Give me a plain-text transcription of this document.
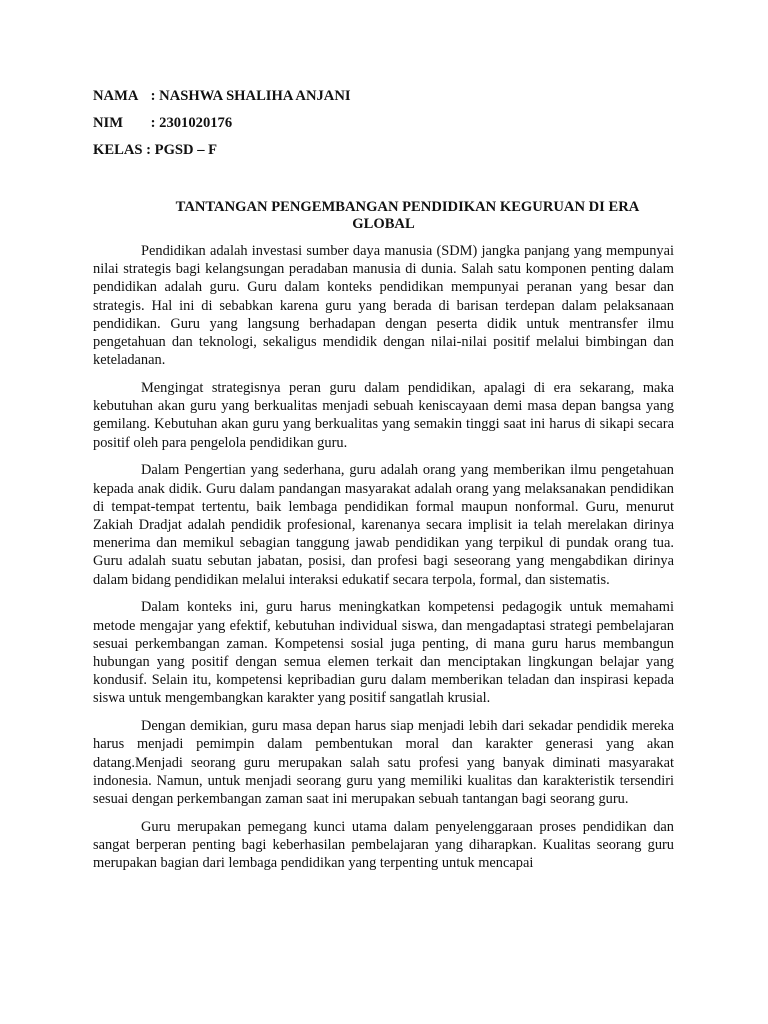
NAMA : NASHWA SHALIHA ANJANI
NIM : 2301020176
KELAS : PGSD – F
TANTANGAN PENGEMBANGAN PENDIDIKAN KEGURUAN DI ERA
GLOBAL

Pendidikan adalah investasi sumber daya manusia (SDM) jangka panjang yang mempunyai nilai strategis bagi kelangsungan peradaban manusia di dunia. Salah satu komponen penting dalam pendidikan adalah guru. Guru dalam konteks pendidikan mempunyai peranan yang besar dan strategis. Hal ini di sebabkan karena guru yang berada di barisan terdepan dalam pelaksanaan pendidikan. Guru yang langsung berhadapan dengan peserta didik untuk mentransfer ilmu pengetahuan dan teknologi, sekaligus mendidik dengan nilai-nilai positif melalui bimbingan dan keteladanan.

Mengingat strategisnya peran guru dalam pendidikan, apalagi di era sekarang, maka kebutuhan akan guru yang berkualitas menjadi sebuah keniscayaan demi masa depan bangsa yang gemilang. Kebutuhan akan guru yang berkualitas yang semakin tinggi saat ini harus di sikapi secara positif oleh para pengelola pendidikan guru.

Dalam Pengertian yang sederhana, guru adalah orang yang memberikan ilmu pengetahuan kepada anak didik. Guru dalam pandangan masyarakat adalah orang yang melaksanakan pendidikan di tempat-tempat tertentu, baik lembaga pendidikan formal maupun nonformal. Guru, menurut Zakiah Dradjat adalah pendidik profesional, karenanya secara implisit ia telah merelakan dirinya menerima dan memikul sebagian tanggung jawab pendidikan yang terpikul di pundak orang tua. Guru adalah suatu sebutan jabatan, posisi, dan profesi bagi seseorang yang mengabdikan dirinya dalam bidang pendidikan melalui interaksi edukatif secara terpola, formal, dan sistematis.

Dalam konteks ini, guru harus meningkatkan kompetensi pedagogik untuk memahami metode mengajar yang efektif, kebutuhan individual siswa, dan mengadaptasi strategi pembelajaran sesuai perkembangan zaman. Kompetensi sosial juga penting, di mana guru harus membangun hubungan yang positif dengan semua elemen terkait dan menciptakan lingkungan belajar yang kondusif. Selain itu, kompetensi kepribadian guru dalam memberikan teladan dan inspirasi kepada siswa untuk mengembangkan karakter yang positif sangatlah krusial.

Dengan demikian, guru masa depan harus siap menjadi lebih dari sekadar pendidik mereka harus menjadi pemimpin dalam pembentukan moral dan karakter generasi yang akan datang.Menjadi seorang guru merupakan salah satu profesi yang banyak diminati masyarakat indonesia. Namun, untuk menjadi seorang guru yang memiliki kualitas dan karakteristik tersendiri sesuai dengan perkembangan zaman saat ini merupakan sebuah tantangan bagi seorang guru.

Guru merupakan pemegang kunci utama dalam penyelenggaraan proses pendidikan dan sangat berperan penting bagi keberhasilan pembelajaran yang diharapkan. Kualitas seorang guru merupakan bagian dari lembaga pendidikan yang terpenting untuk mencapai
